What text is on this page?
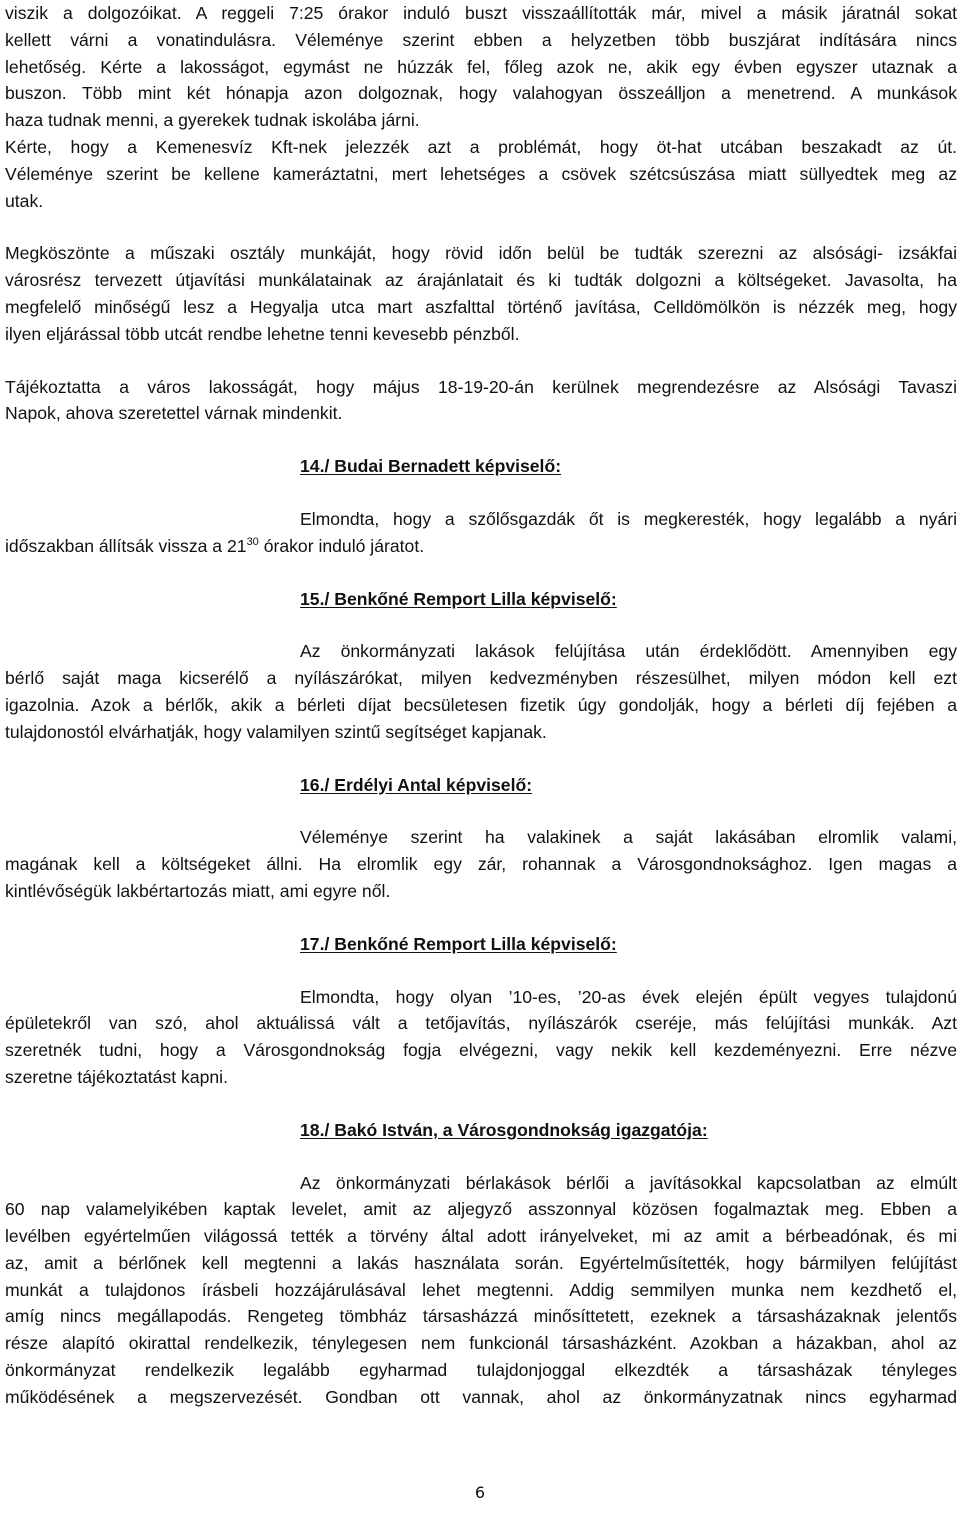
viszik a dolgozóikat. A reggeli 7:25 órakor induló buszt visszaállították már, mivel a másik járatnál sokat
kellett várni a vonatindulásra. Véleménye szerint ebben a helyzetben több buszjárat indítására nincs
lehetőség. Kérte a lakosságot, egymást ne húzzák fel, főleg azok ne, akik egy évben egyszer utaznak a
buszon. Több mint két hónapja azon dolgoznak, hogy valahogyan összeálljon a menetrend. A munkások
haza tudnak menni, a gyerekek tudnak iskolába járni.
Kérte, hogy a Kemenesvíz Kft-nek jelezzék azt a problémát, hogy öt-hat utcában beszakadt az út.
Véleménye szerint be kellene kameráztatni, mert lehetséges a csövek szétcsúszása miatt süllyedtek meg az
utak.
Megköszönte a műszaki osztály munkáját, hogy rövid időn belül be tudták szerezni az alsósági- izsákfai
városrész tervezett útjavítási munkálatainak az árajánlatait és ki tudták dolgozni a költségeket. Javasolta, ha
megfelelő minőségű lesz a Hegyalja utca mart aszfalttal történő javítása, Celldömölkön is nézzék meg, hogy
ilyen eljárással több utcát rendbe lehetne tenni kevesebb pénzből.
Tájékoztatta a város lakosságát, hogy május 18-19-20-án kerülnek megrendezésre az Alsósági Tavaszi
Napok, ahova szeretettel várnak mindenkit.

14./ Budai Bernadett képviselő:

Elmondta, hogy a szőlősgazdák őt is megkeresték, hogy legalább a nyári
időszakban állítsák vissza a $21^{30}$ órakor induló járatot.

15./ Benkőné Remport Lilla képviselő:

Az önkormányzati lakások felújítása után érdeklődött. Amennyiben egy
bérlő saját maga kicserélő a nyílászárókat, milyen kedvezményben részesülhet, milyen módon kell ezt
igazolnia. Azok a bérlők, akik a bérleti díjat becsületesen fizetik úgy gondolják, hogy a bérleti díj fejében a
tulajdonostól elvárhatják, hogy valamilyen szintű segítséget kapjanak.

16./ Erdélyi Antal képviselő:

Véleménye szerint ha valakinek a saját lakásában elromlik valami,
magának kell a költségeket állni. Ha elromlik egy zár, rohannak a Városgondnoksághoz. Igen magas a
kintlévőségük lakbértartozás miatt, ami egyre nől.

17./ Benkőné Remport Lilla képviselő:

Elmondta, hogy olyan ’10-es, ’20-as évek elején épült vegyes tulajdonú
épületekről van szó, ahol aktuálissá vált a tetőjavítás, nyílászárók cseréje, más felújítási munkák. Azt
szeretnék tudni, hogy a Városgondnokság fogja elvégezni, vagy nekik kell kezdeményezni. Erre nézve
szeretne tájékoztatást kapni.

18./ Bakó István, a Városgondnokság igazgatója:

Az önkormányzati bérlakások bérlői a javításokkal kapcsolatban az elmúlt
60 nap valamelyikében kaptak levelet, amit az aljegyző asszonnyal közösen fogalmaztak meg. Ebben a
levélben egyértelműen világossá tették a törvény által adott irányelveket, mi az amit a bérbeadónak, és mi
az, amit a bérlőnek kell megtenni a lakás használata során. Egyértelműsítették, hogy bármilyen felújítást
munkát a tulajdonos írásbeli hozzájárulásával lehet megtenni. Addig semmilyen munka nem kezdhető el,
amíg nincs megállapodás. Rengeteg tömbház társasházzá minősíttetett, ezeknek a társasházaknak jelentős
része alapító okirattal rendelkezik, ténylegesen nem funkcionál társasházként. Azokban a házakban, ahol az
önkormányzat rendelkezik legalább egyharmad tulajdonjoggal elkezdték a társasházak tényleges
működésének a megszervezését. Gondban ott vannak, ahol az önkormányzatnak nincs egyharmad
6
